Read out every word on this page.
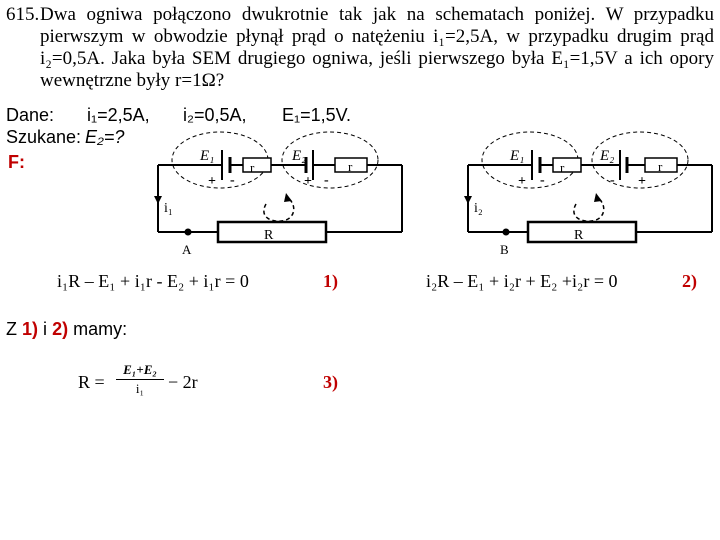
615. Dwa ogniwa połączono dwukrotnie tak jak na schematach poniżej. W przypadku pierwszym w obwodzie płynął prąd o natężeniu i₁=2,5A, w przypadku drugim prąd i₂=0,5A. Jaka była SEM drugiego ogniwa, jeśli pierwszego była E₁=1,5V a ich opory wewnętrzne były r=1Ω?
Dane: i₁=2,5A, i₂=0,5A, E₁=1,5V.
Szukane: E₂=?
F:	E₁	E₂
r	r
+ -	+ -
i₁
R
A
E₁	E₂
r	r
+ -	- +
i₂
R
B
i₁R – E₁ + i₁r - E₂ + i₁r = 0	1)	i₂R – E₁ + i₂r + E₂ +i₂r = 0	2)
Z 1) i 2) mamy:
$R = \frac{\text{E₁+E₂}}{\text{i₁}} - 2r$	3)
